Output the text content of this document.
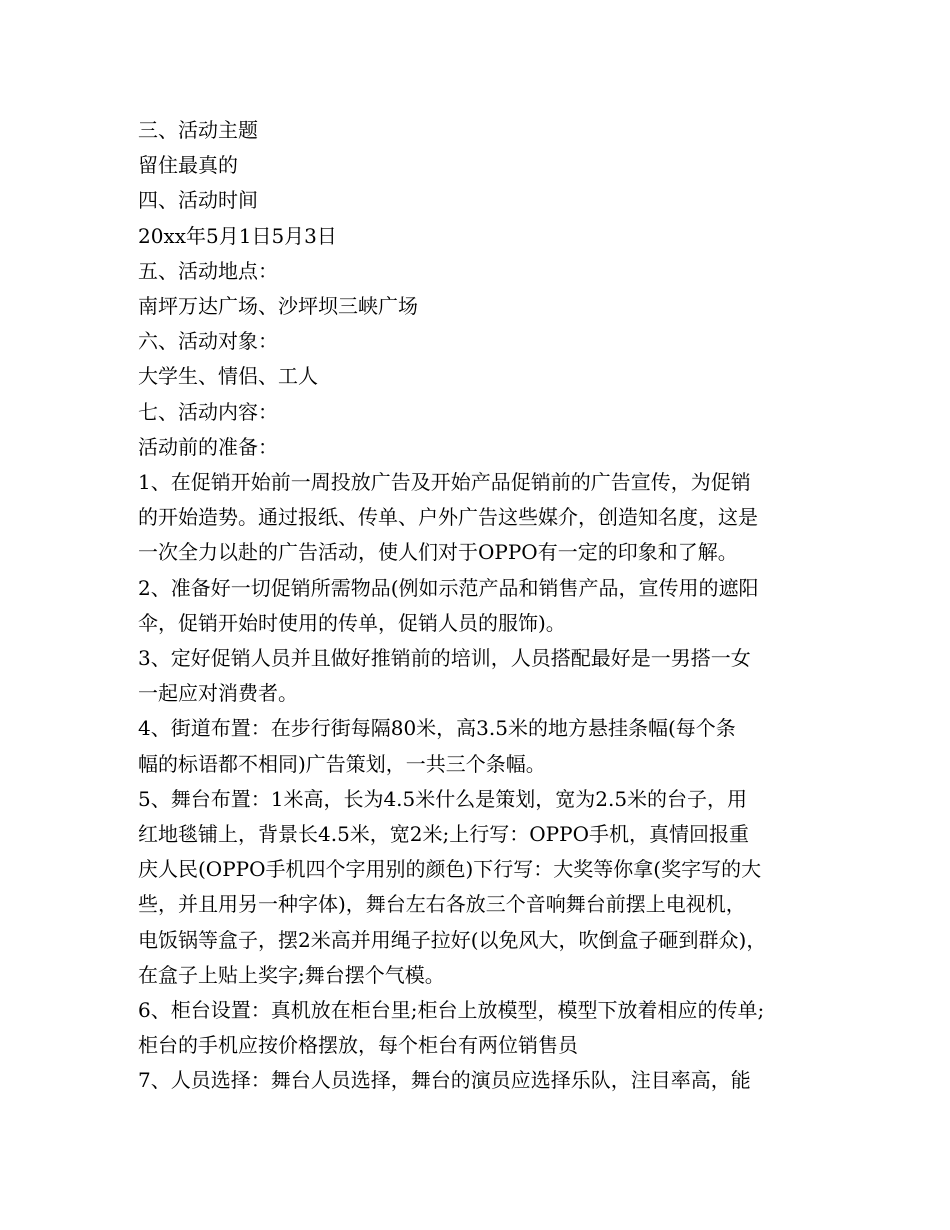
三、活动主题
留住最真的
四、活动时间
20xx年5月1日5月3日
五、活动地点：
南坪万达广场、沙坪坝三峡广场
六、活动对象：
大学生、情侣、工人
七、活动内容：
活动前的准备：
1、在促销开始前一周投放广告及开始产品促销前的广告宣传，为促销
的开始造势。通过报纸、传单、户外广告这些媒介，创造知名度，这是
一次全力以赴的广告活动，使人们对于OPPO有一定的印象和了解。
2、准备好一切促销所需物品(例如示范产品和销售产品，宣传用的遮阳
伞，促销开始时使用的传单，促销人员的服饰)。
3、定好促销人员并且做好推销前的培训，人员搭配最好是一男搭一女
一起应对消费者。
4、街道布置：在步行街每隔80米，高3.5米的地方悬挂条幅(每个条
幅的标语都不相同)广告策划，一共三个条幅。
5、舞台布置：1米高，长为4.5米什么是策划，宽为2.5米的台子，用
红地毯铺上，背景长4.5米，宽2米;上行写：OPPO手机，真情回报重
庆人民(OPPO手机四个字用别的颜色)下行写：大奖等你拿(奖字写的大
些，并且用另一种字体)，舞台左右各放三个音响舞台前摆上电视机，
电饭锅等盒子，摆2米高并用绳子拉好(以免风大，吹倒盒子砸到群众)，
在盒子上贴上奖字;舞台摆个气模。
6、柜台设置：真机放在柜台里;柜台上放模型，模型下放着相应的传单;
柜台的手机应按价格摆放，每个柜台有两位销售员
7、人员选择：舞台人员选择，舞台的演员应选择乐队，注目率高，能
